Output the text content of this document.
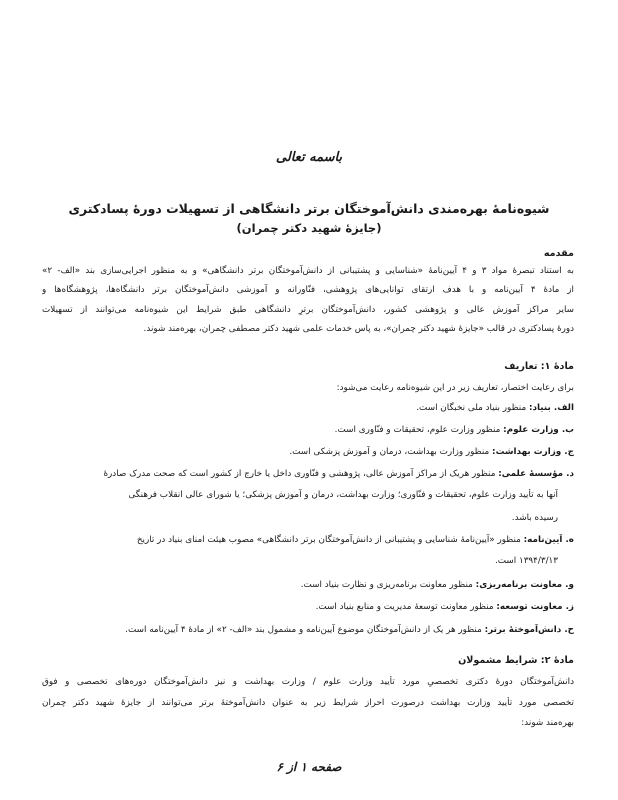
باسمه تعالی
شیوه‌نامهٔ بهره‌مندی دانش‌آموختگان برتر دانشگاهی از تسهیلات دورهٔ پسادکتری
(جایزهٔ شهید دکتر چمران)
مقدمه
به استناد تبصرهٔ مواد ۳ و ۴ آیین‌نامهٔ «شناسایی و پشتیبانی از دانش‌آموختگان برتر دانشگاهی» و به منظور اجرایی‌سازی بند «الف- ۲»
از مادهٔ ۴ آیین‌نامه و با هدف ارتقای توانایی‌های پژوهشی، فنّاورانه و آموزشی دانش‌آموختگان برتر دانشگاه‌ها، پژوهشگاه‌ها و
سایر مراکز آموزش عالی و پژوهشی کشور، دانش‌آموختگان برترِ دانشگاهی طبق شرایط این شیوه‌نامه می‌توانند از تسهیلات
دورهٔ پسادکتری در قالب «جایزهٔ شهید دکتر چمران»، به پاس خدمات علمی شهید دکتر مصطفی چمران، بهره‌مند شوند.
مادهٔ ۱: تعاریف
برای رعایت اختصار، تعاریف زیر در این شیوه‌نامه رعایت می‌شود:
الف. بنیاد: منظور بنیاد ملی نخبگان است.
ب. وزارت علوم: منظور وزارت علوم، تحقیقات و فنّاوری است.
ج. وزارت بهداشت: منظور وزارت بهداشت، درمان و آموزش پزشکی است.
د. مؤسسهٔ علمی: منظور هریک از مراکز آموزش عالی، پژوهشی و فنّاوری داخل یا خارج از کشور است که صحت مدرک صادرهٔ
آنها به تأیید وزارت علوم، تحقیقات و فنّاوری؛ وزارت بهداشت، درمان و آموزش پزشکی؛ یا شورای عالی انقلاب فرهنگی
رسیده باشد.
ه. آیین‌نامه: منظور «آیین‌نامهٔ شناسایی و پشتیبانی از دانش‌آموختگان برتر دانشگاهی» مصوب هیئت امنای بنیاد در تاریخ
۱۳۹۴/۳/۱۳ است.
و. معاونت برنامه‌ریزی: منظور معاونت برنامه‌ریزی و نظارت بنیاد است.
ز. معاونت توسعه: منظور معاونت توسعهٔ مدیریت و منابع بنیاد است.
ح. دانش‌آموختهٔ برتر: منظور هر یک از دانش‌آموختگان موضوع آیین‌نامه و مشمول بند «الف- ۲» از مادهٔ ۴ آیین‌نامه است.
مادهٔ ۲: شرایط مشمولان
دانش‌آموختگان دورهٔ دکتری تخصصیِ مورد تأیید وزارت علوم / وزارت بهداشت و نیز دانش‌آموختگان دوره‌های تخصصی و فوق
تخصصی مورد تأیید وزارت بهداشت درصورت احراز شرایط زیر به عنوان دانش‌آموختهٔ برتر می‌توانند از جایزهٔ شهید دکتر چمران
بهره‌مند شوند:
صفحه ۱ از ۶
